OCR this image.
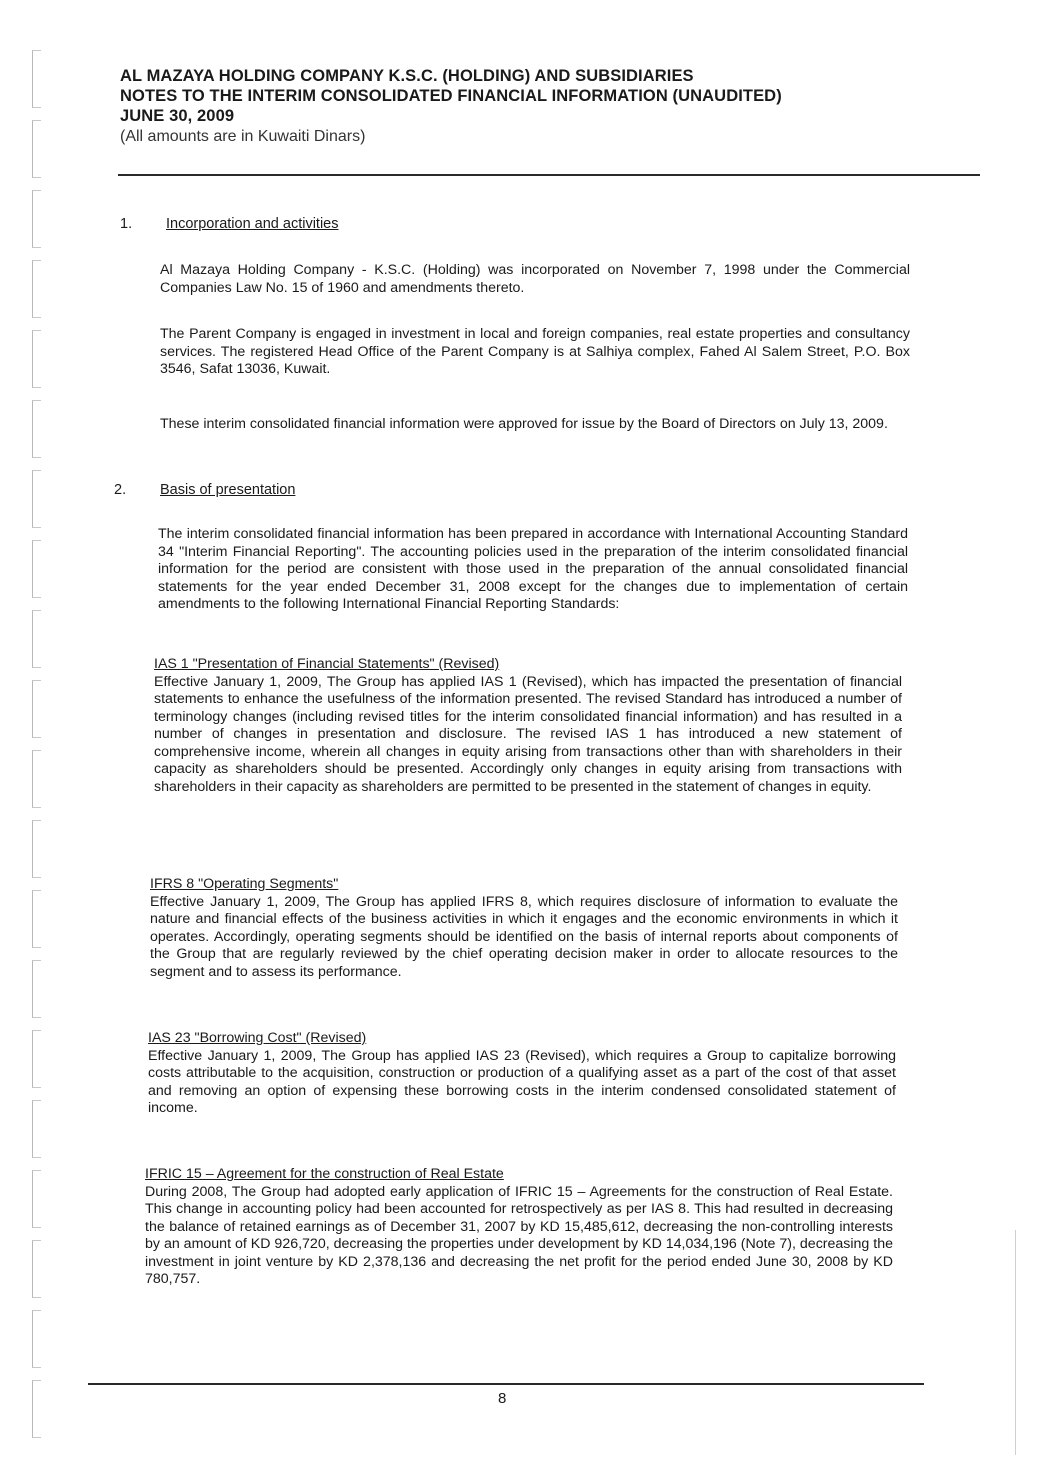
AL MAZAYA HOLDING COMPANY K.S.C. (HOLDING) AND SUBSIDIARIES
NOTES TO THE INTERIM CONSOLIDATED FINANCIAL INFORMATION (UNAUDITED)
JUNE 30, 2009
(All amounts are in Kuwaiti Dinars)
1. Incorporation and activities

Al Mazaya Holding Company - K.S.C. (Holding) was incorporated on November 7, 1998 under the Commercial Companies Law No. 15 of 1960 and amendments thereto.

The Parent Company is engaged in investment in local and foreign companies, real estate properties and consultancy services. The registered Head Office of the Parent Company is at Salhiya complex, Fahed Al Salem Street, P.O. Box 3546, Safat 13036, Kuwait.

These interim consolidated financial information were approved for issue by the Board of Directors on July 13, 2009.

2. Basis of presentation

The interim consolidated financial information has been prepared in accordance with International Accounting Standard 34 "Interim Financial Reporting". The accounting policies used in the preparation of the interim consolidated financial information for the period are consistent with those used in the preparation of the annual consolidated financial statements for the year ended December 31, 2008 except for the changes due to implementation of certain amendments to the following International Financial Reporting Standards:

IAS 1 "Presentation of Financial Statements" (Revised)

Effective January 1, 2009, The Group has applied IAS 1 (Revised), which has impacted the presentation of financial statements to enhance the usefulness of the information presented. The revised Standard has introduced a number of terminology changes (including revised titles for the interim consolidated financial information) and has resulted in a number of changes in presentation and disclosure. The revised IAS 1 has introduced a new statement of comprehensive income, wherein all changes in equity arising from transactions other than with shareholders in their capacity as shareholders should be presented. Accordingly only changes in equity arising from transactions with shareholders in their capacity as shareholders are permitted to be presented in the statement of changes in equity.

IFRS 8 "Operating Segments"

Effective January 1, 2009, The Group has applied IFRS 8, which requires disclosure of information to evaluate the nature and financial effects of the business activities in which it engages and the economic environments in which it operates. Accordingly, operating segments should be identified on the basis of internal reports about components of the Group that are regularly reviewed by the chief operating decision maker in order to allocate resources to the segment and to assess its performance.

IAS 23 "Borrowing Cost" (Revised)

Effective January 1, 2009, The Group has applied IAS 23 (Revised), which requires a Group to capitalize borrowing costs attributable to the acquisition, construction or production of a qualifying asset as a part of the cost of that asset and removing an option of expensing these borrowing costs in the interim condensed consolidated statement of income.

IFRIC 15 – Agreement for the construction of Real Estate

During 2008, The Group had adopted early application of IFRIC 15 – Agreements for the construction of Real Estate. This change in accounting policy had been accounted for retrospectively as per IAS 8. This had resulted in decreasing the balance of retained earnings as of December 31, 2007 by KD 15,485,612, decreasing the non-controlling interests by an amount of KD 926,720, decreasing the properties under development by KD 14,034,196 (Note 7), decreasing the investment in joint venture by KD 2,378,136 and decreasing the net profit for the period ended June 30, 2008 by KD 780,757.

8
